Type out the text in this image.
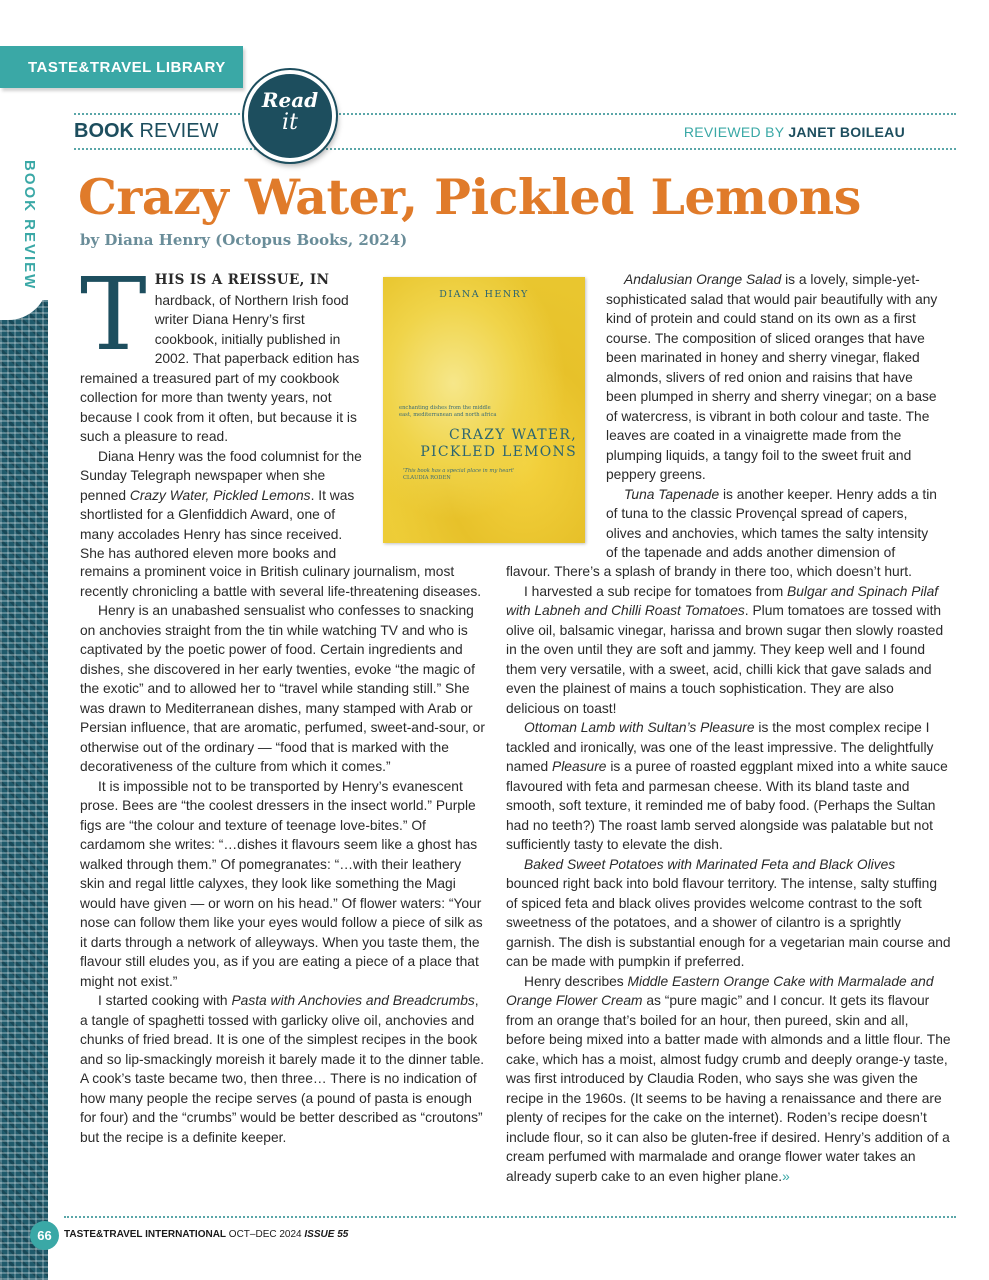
BOOK REVIEW
TASTE&TRAVEL LIBRARY
Read
it
BOOK REVIEW	REVIEWED BY JANET BOILEAU
Crazy Water, Pickled Lemons
by Diana Henry (Octopus Books, 2024)
DIANA HENRY
enchanting dishes from the middle east, mediterranean and north africa
CRAZY WATER,
PICKLED LEMONS
'This book has a special place in my heart'
CLAUDIA RODEN

THIS IS A REISSUE, IN
hardback, of Northern Irish food writer Diana Henry’s first cookbook, initially published in 2002. That paperback edition has remained a treasured part of my cookbook collection for more than twenty years, not because I cook from it often, but because it is such a pleasure to read.

Diana Henry was the food columnist for the Sunday Telegraph newspaper when she penned Crazy Water, Pickled Lemons. It was shortlisted for a Glenfiddich Award, one of many accolades Henry has since received. She has authored eleven more books and

remains a prominent voice in British culinary journalism, most recently chronicling a battle with several life-threatening diseases.

Henry is an unabashed sensualist who confesses to snacking on anchovies straight from the tin while watching TV and who is captivated by the poetic power of food. Certain ingredients and dishes, she discovered in her early twenties, evoke “the magic of the exotic” and to allowed her to “travel while standing still.” She was drawn to Mediterranean dishes, many stamped with Arab or Persian influence, that are aromatic, perfumed, sweet-and-sour, or otherwise out of the ordinary — “food that is marked with the decorativeness of the culture from which it comes.”

It is impossible not to be transported by Henry’s evanescent prose. Bees are “the coolest dressers in the insect world.” Purple figs are “the colour and texture of teenage love-bites.” Of cardamom she writes: “…dishes it flavours seem like a ghost has walked through them.” Of pomegranates: “…with their leathery skin and regal little calyxes, they look like something the Magi would have given — or worn on his head.” Of flower waters: “Your nose can follow them like your eyes would follow a piece of silk as it darts through a network of alleyways. When you taste them, the flavour still eludes you, as if you are eating a piece of a place that might not exist.”

I started cooking with Pasta with Anchovies and Breadcrumbs, a tangle of spaghetti tossed with garlicky olive oil, anchovies and chunks of fried bread. It is one of the simplest recipes in the book and so lip-smackingly moreish it barely made it to the dinner table. A cook’s taste became two, then three… There is no indication of how many people the recipe serves (a pound of pasta is enough for four) and the “crumbs” would be better described as “croutons” but the recipe is a definite keeper.

Andalusian Orange Salad is a lovely, simple-yet-sophisticated salad that would pair beautifully with any kind of protein and could stand on its own as a first course. The composition of sliced oranges that have been marinated in honey and sherry vinegar, flaked almonds, slivers of red onion and raisins that have been plumped in sherry and sherry vinegar; on a base of watercress, is vibrant in both colour and taste. The leaves are coated in a vinaigrette made from the plumping liquids, a tangy foil to the sweet fruit and peppery greens.

Tuna Tapenade is another keeper. Henry adds a tin of tuna to the classic Provençal spread of capers, olives and anchovies, which tames the salty intensity of the tapenade and adds another dimension of

flavour. There’s a splash of brandy in there too, which doesn’t hurt.

I harvested a sub recipe for tomatoes from Bulgar and Spinach Pilaf with Labneh and Chilli Roast Tomatoes. Plum tomatoes are tossed with olive oil, balsamic vinegar, harissa and brown sugar then slowly roasted in the oven until they are soft and jammy. They keep well and I found them very versatile, with a sweet, acid, chilli kick that gave salads and even the plainest of mains a touch sophistication. They are also delicious on toast!

Ottoman Lamb with Sultan’s Pleasure is the most complex recipe I tackled and ironically, was one of the least impressive. The delightfully named Pleasure is a puree of roasted eggplant mixed into a white sauce flavoured with feta and parmesan cheese. With its bland taste and smooth, soft texture, it reminded me of baby food. (Perhaps the Sultan had no teeth?) The roast lamb served alongside was palatable but not sufficiently tasty to elevate the dish.

Baked Sweet Potatoes with Marinated Feta and Black Olives bounced right back into bold flavour territory. The intense, salty stuffing of spiced feta and black olives provides welcome contrast to the soft sweetness of the potatoes, and a shower of cilantro is a sprightly garnish. The dish is substantial enough for a vegetarian main course and can be made with pumpkin if preferred.

Henry describes Middle Eastern Orange Cake with Marmalade and Orange Flower Cream as “pure magic” and I concur. It gets its flavour from an orange that’s boiled for an hour, then pureed, skin and all, before being mixed into a batter made with almonds and a little flour. The cake, which has a moist, almost fudgy crumb and deeply orange-y taste, was first introduced by Claudia Roden, who says she was given the recipe in the 1960s. (It seems to be having a renaissance and there are plenty of recipes for the cake on the internet). Roden’s recipe doesn’t include flour, so it can also be gluten-free if desired. Henry’s addition of a cream perfumed with marmalade and orange flower water takes an already superb cake to an even higher plane.»

66	TASTE&TRAVEL INTERNATIONAL OCT–DEC 2024 ISSUE 55
